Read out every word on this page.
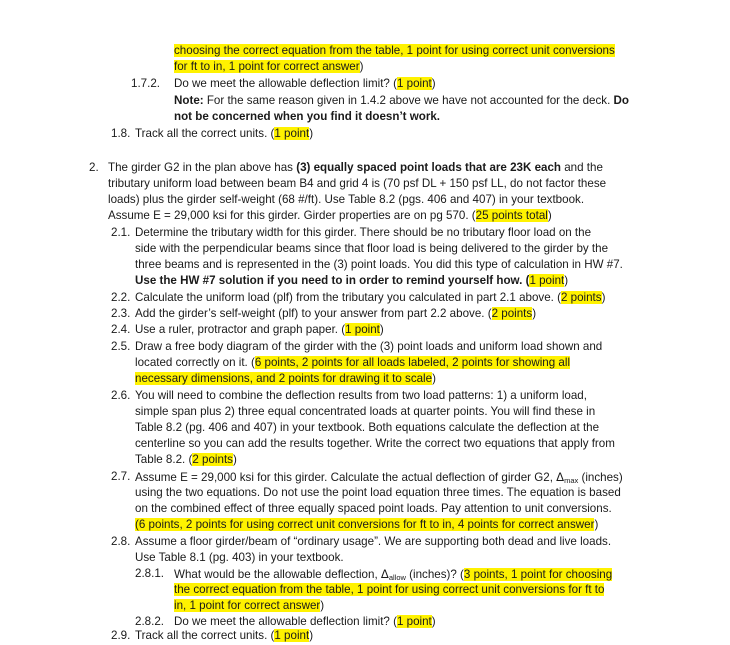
choosing the correct equation from the table, 1 point for using correct unit conversions
for ft to in, 1 point for correct answer)
1.7.2. Do we meet the allowable deflection limit? (1 point)
Note: For the same reason given in 1.4.2 above we have not accounted for the deck. Do
not be concerned when you find it doesn’t work.
1.8. Track all the correct units. (1 point)
2. The girder G2 in the plan above has (3) equally spaced point loads that are 23K each and the
tributary uniform load between beam B4 and grid 4 is (70 psf DL + 150 psf LL, do not factor these
loads) plus the girder self-weight (68 #/ft). Use Table 8.2 (pgs. 406 and 407) in your textbook.
Assume E = 29,000 ksi for this girder. Girder properties are on pg 570. (25 points total)
2.1. Determine the tributary width for this girder. There should be no tributary floor load on the
side with the perpendicular beams since that floor load is being delivered to the girder by the
three beams and is represented in the (3) point loads. You did this type of calculation in HW #7.
Use the HW #7 solution if you need to in order to remind yourself how. (1 point)
2.2. Calculate the uniform load (plf) from the tributary you calculated in part 2.1 above. (2 points)
2.3. Add the girder’s self-weight (plf) to your answer from part 2.2 above. (2 points)
2.4. Use a ruler, protractor and graph paper. (1 point)
2.5. Draw a free body diagram of the girder with the (3) point loads and uniform load shown and
located correctly on it. (6 points, 2 points for all loads labeled, 2 points for showing all
necessary dimensions, and 2 points for drawing it to scale)
2.6. You will need to combine the deflection results from two load patterns: 1) a uniform load,
simple span plus 2) three equal concentrated loads at quarter points. You will find these in
Table 8.2 (pg. 406 and 407) in your textbook. Both equations calculate the deflection at the
centerline so you can add the results together. Write the correct two equations that apply from
Table 8.2. (2 points)
2.7. Assume E = 29,000 ksi for this girder. Calculate the actual deflection of girder G2, $\Delta_{max}$ (inches)
using the two equations. Do not use the point load equation three times. The equation is based
on the combined effect of three equally spaced point loads. Pay attention to unit conversions.
(6 points, 2 points for using correct unit conversions for ft to in, 4 points for correct answer)
2.8. Assume a floor girder/beam of “ordinary usage”. We are supporting both dead and live loads.
Use Table 8.1 (pg. 403) in your textbook.
2.8.1. What would be the allowable deflection, $\Delta_{allow}$ (inches)? (3 points, 1 point for choosing
the correct equation from the table, 1 point for using correct unit conversions for ft to
in, 1 point for correct answer)
2.8.2. Do we meet the allowable deflection limit? (1 point)
2.9. Track all the correct units. (1 point)
